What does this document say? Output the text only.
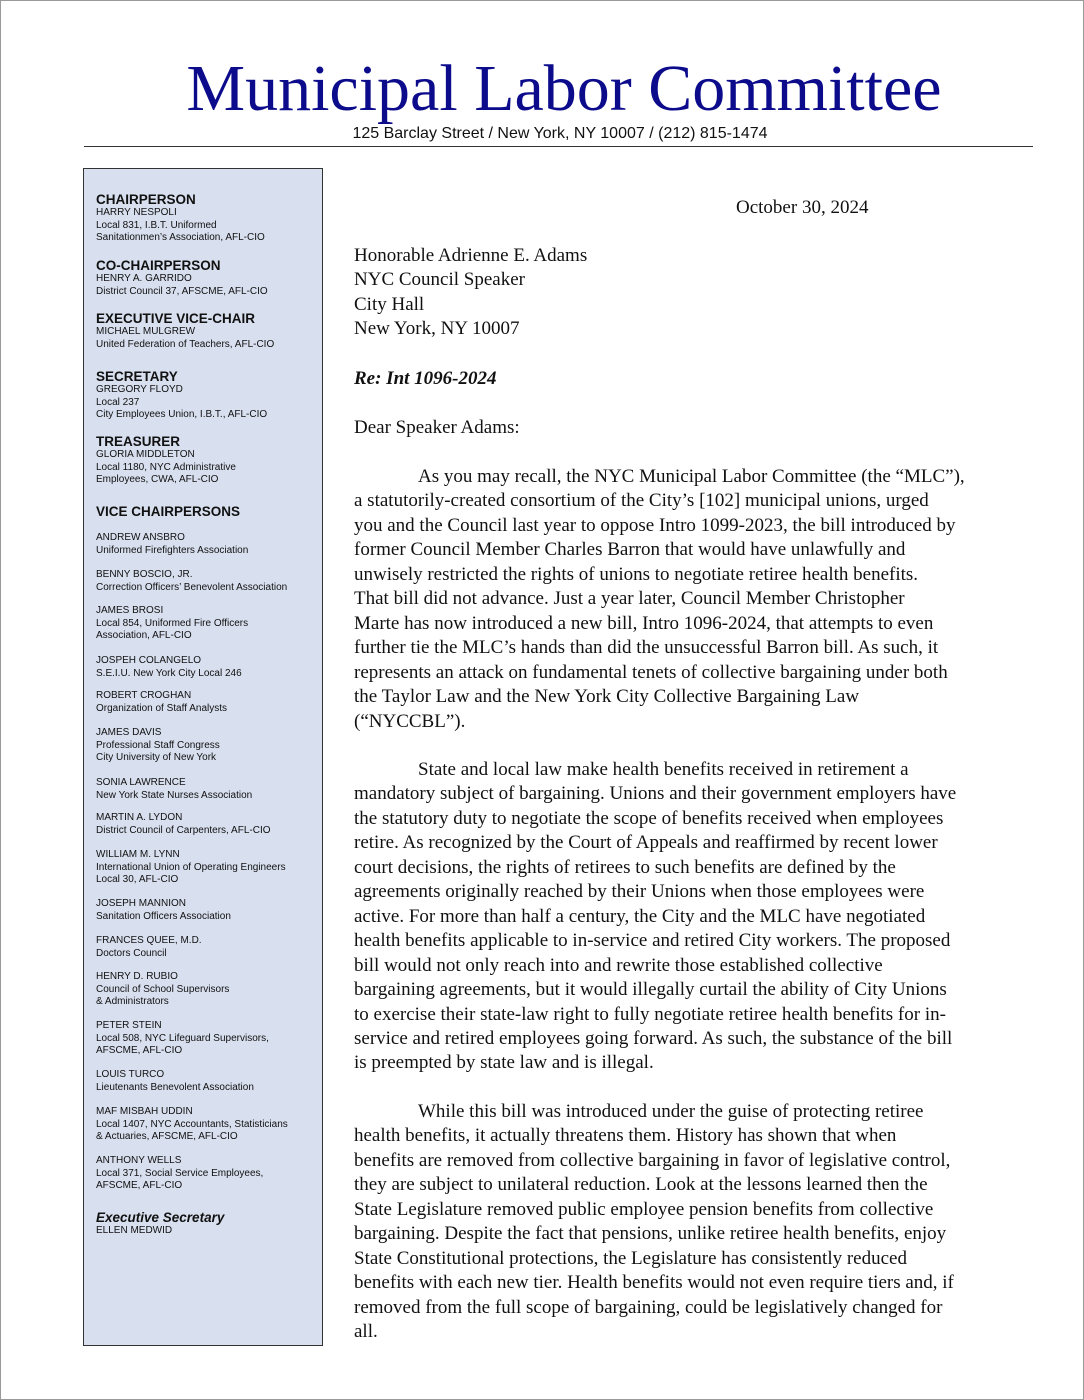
Municipal Labor Committee
125 Barclay Street / New York, NY 10007 / (212) 815-1474
CHAIRPERSON
HARRY NESPOLI
Local 831, I.B.T. Uniformed
Sanitationmen’s Association, AFL-CIO
CO-CHAIRPERSON
HENRY A. GARRIDO
District Council 37, AFSCME, AFL-CIO
EXECUTIVE VICE-CHAIR
MICHAEL MULGREW
United Federation of Teachers, AFL-CIO
SECRETARY
GREGORY FLOYD
Local 237
City Employees Union, I.B.T., AFL-CIO
TREASURER
GLORIA MIDDLETON
Local 1180, NYC Administrative
Employees, CWA, AFL-CIO
VICE CHAIRPERSONS
ANDREW ANSBRO
Uniformed Firefighters Association
BENNY BOSCIO, JR.
Correction Officers’ Benevolent Association
JAMES BROSI
Local 854, Uniformed Fire Officers
Association, AFL-CIO
JOSPEH COLANGELO
S.E.I.U. New York City Local 246
ROBERT CROGHAN
Organization of Staff Analysts
JAMES DAVIS
Professional Staff Congress
City University of New York
SONIA LAWRENCE
New York State Nurses Association
MARTIN A. LYDON
District Council of Carpenters, AFL-CIO
WILLIAM M. LYNN
International Union of Operating Engineers
Local 30, AFL-CIO
JOSEPH MANNION
Sanitation Officers Association
FRANCES QUEE, M.D.
Doctors Council
HENRY D. RUBIO
Council of School Supervisors
& Administrators
PETER STEIN
Local 508, NYC Lifeguard Supervisors,
AFSCME, AFL-CIO
LOUIS TURCO
Lieutenants Benevolent Association
MAF MISBAH UDDIN
Local 1407, NYC Accountants, Statisticians
& Actuaries, AFSCME, AFL-CIO
ANTHONY WELLS
Local 371, Social Service Employees,
AFSCME, AFL-CIO
Executive Secretary
ELLEN MEDWID
October 30, 2024
Honorable Adrienne E. Adams
NYC Council Speaker
City Hall
New York, NY 10007
Re: Int 1096-2024
Dear Speaker Adams:
As you may recall, the NYC Municipal Labor Committee (the “MLC”),
a statutorily-created consortium of the City’s [102] municipal unions, urged
you and the Council last year to oppose Intro 1099-2023, the bill introduced by
former Council Member Charles Barron that would have unlawfully and
unwisely restricted the rights of unions to negotiate retiree health benefits.
That bill did not advance. Just a year later, Council Member Christopher
Marte has now introduced a new bill, Intro 1096-2024, that attempts to even
further tie the MLC’s hands than did the unsuccessful Barron bill. As such, it
represents an attack on fundamental tenets of collective bargaining under both
the Taylor Law and the New York City Collective Bargaining Law
(“NYCCBL”).
State and local law make health benefits received in retirement a
mandatory subject of bargaining. Unions and their government employers have
the statutory duty to negotiate the scope of benefits received when employees
retire. As recognized by the Court of Appeals and reaffirmed by recent lower
court decisions, the rights of retirees to such benefits are defined by the
agreements originally reached by their Unions when those employees were
active. For more than half a century, the City and the MLC have negotiated
health benefits applicable to in-service and retired City workers. The proposed
bill would not only reach into and rewrite those established collective
bargaining agreements, but it would illegally curtail the ability of City Unions
to exercise their state-law right to fully negotiate retiree health benefits for in-
service and retired employees going forward. As such, the substance of the bill
is preempted by state law and is illegal.
While this bill was introduced under the guise of protecting retiree
health benefits, it actually threatens them. History has shown that when
benefits are removed from collective bargaining in favor of legislative control,
they are subject to unilateral reduction. Look at the lessons learned then the
State Legislature removed public employee pension benefits from collective
bargaining. Despite the fact that pensions, unlike retiree health benefits, enjoy
State Constitutional protections, the Legislature has consistently reduced
benefits with each new tier. Health benefits would not even require tiers and, if
removed from the full scope of bargaining, could be legislatively changed for
all.
